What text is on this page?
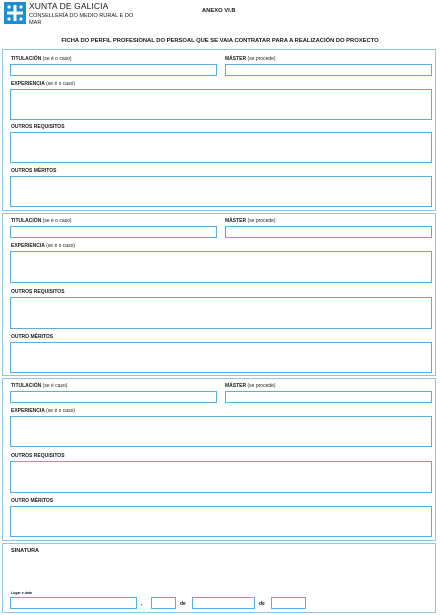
XUNTA DE GALICIA
CONSELLERÍA DO MEDIO RURAL E DO MAR
ANEXO VI.B
FICHA DO PERFIL PROFESIONAL DO PERSOAL QUE SE VAIA CONTRATAR PARA A REALIZACIÓN DO PROXECTO
TITULACIÓN (se é o caso)	MÁSTER (se procede)
EXPERIENCIA (se é o caso)
OUTROS REQUISITOS
OUTROS MÉRITOS
TITULACIÓN (se é o caso)	MÁSTER (se procede)
EXPERIENCIA (se é o caso)
OUTROS REQUISITOS
OUTRO MÉRITOS
TITULACIÓN (se é caso)	MÁSTER (se procede)
EXPERIENCIA (se é o caso)
OUTROS REQUISITOS
OUTRO MÉRITOS
SINATURA
Lugar e data
,	de	de
